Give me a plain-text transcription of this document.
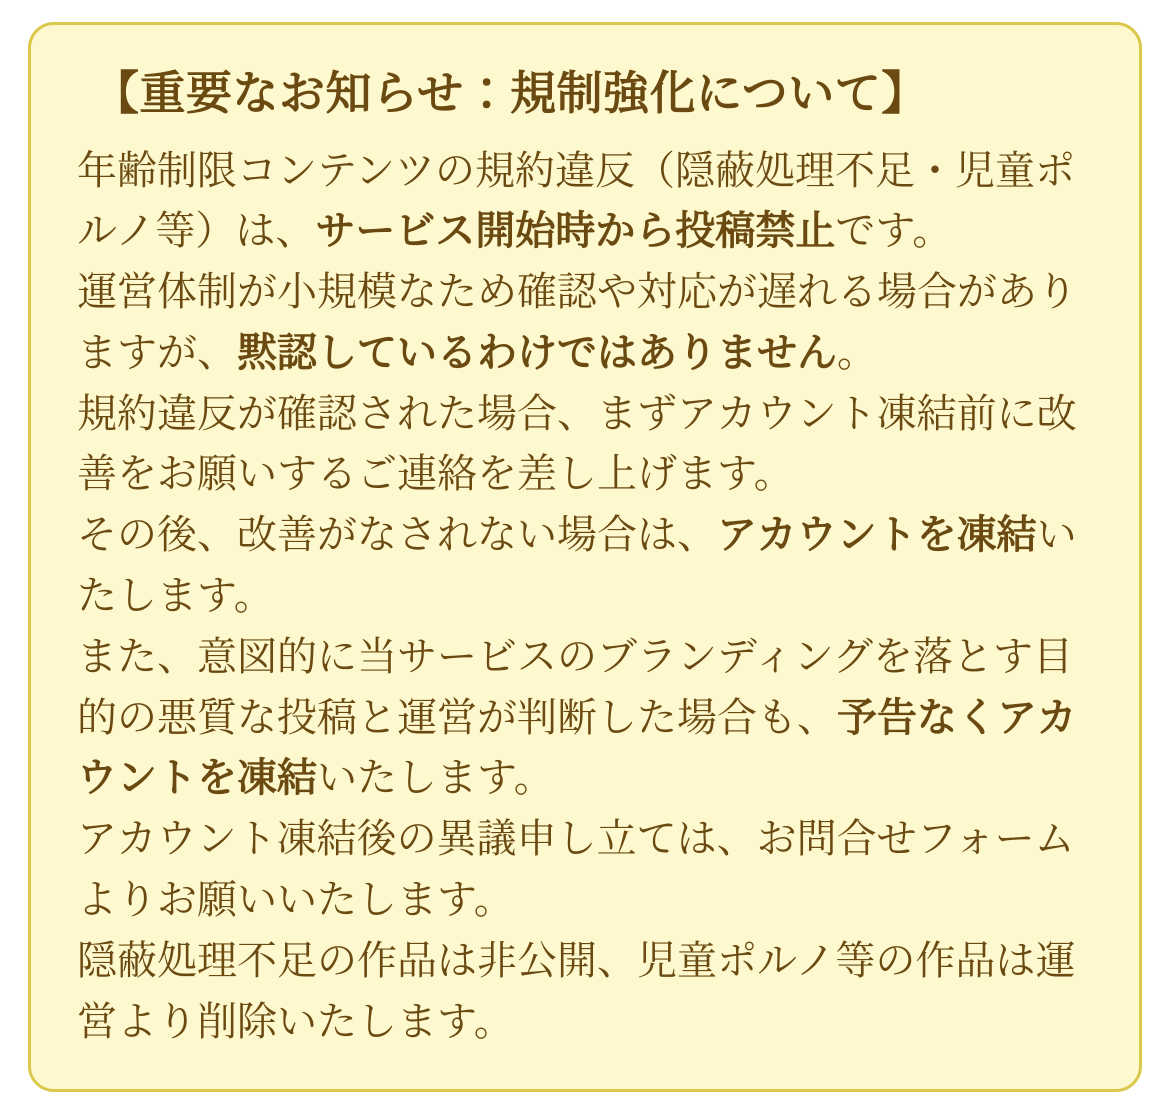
【重要なお知らせ：規制強化について】

年齢制限コンテンツの規約違反（隠蔽処理不足・児童ポルノ等）は、サービス開始時から投稿禁止です。

運営体制が小規模なため確認や対応が遅れる場合がありますが、黙認しているわけではありません。

規約違反が確認された場合、まずアカウント凍結前に改善をお願いするご連絡を差し上げます。

その後、改善がなされない場合は、アカウントを凍結いたします。

また、意図的に当サービスのブランディングを落とす目的の悪質な投稿と運営が判断した場合も、予告なくアカウントを凍結いたします。

アカウント凍結後の異議申し立ては、お問合せフォームよりお願いいたします。

隠蔽処理不足の作品は非公開、児童ポルノ等の作品は運営より削除いたします。
